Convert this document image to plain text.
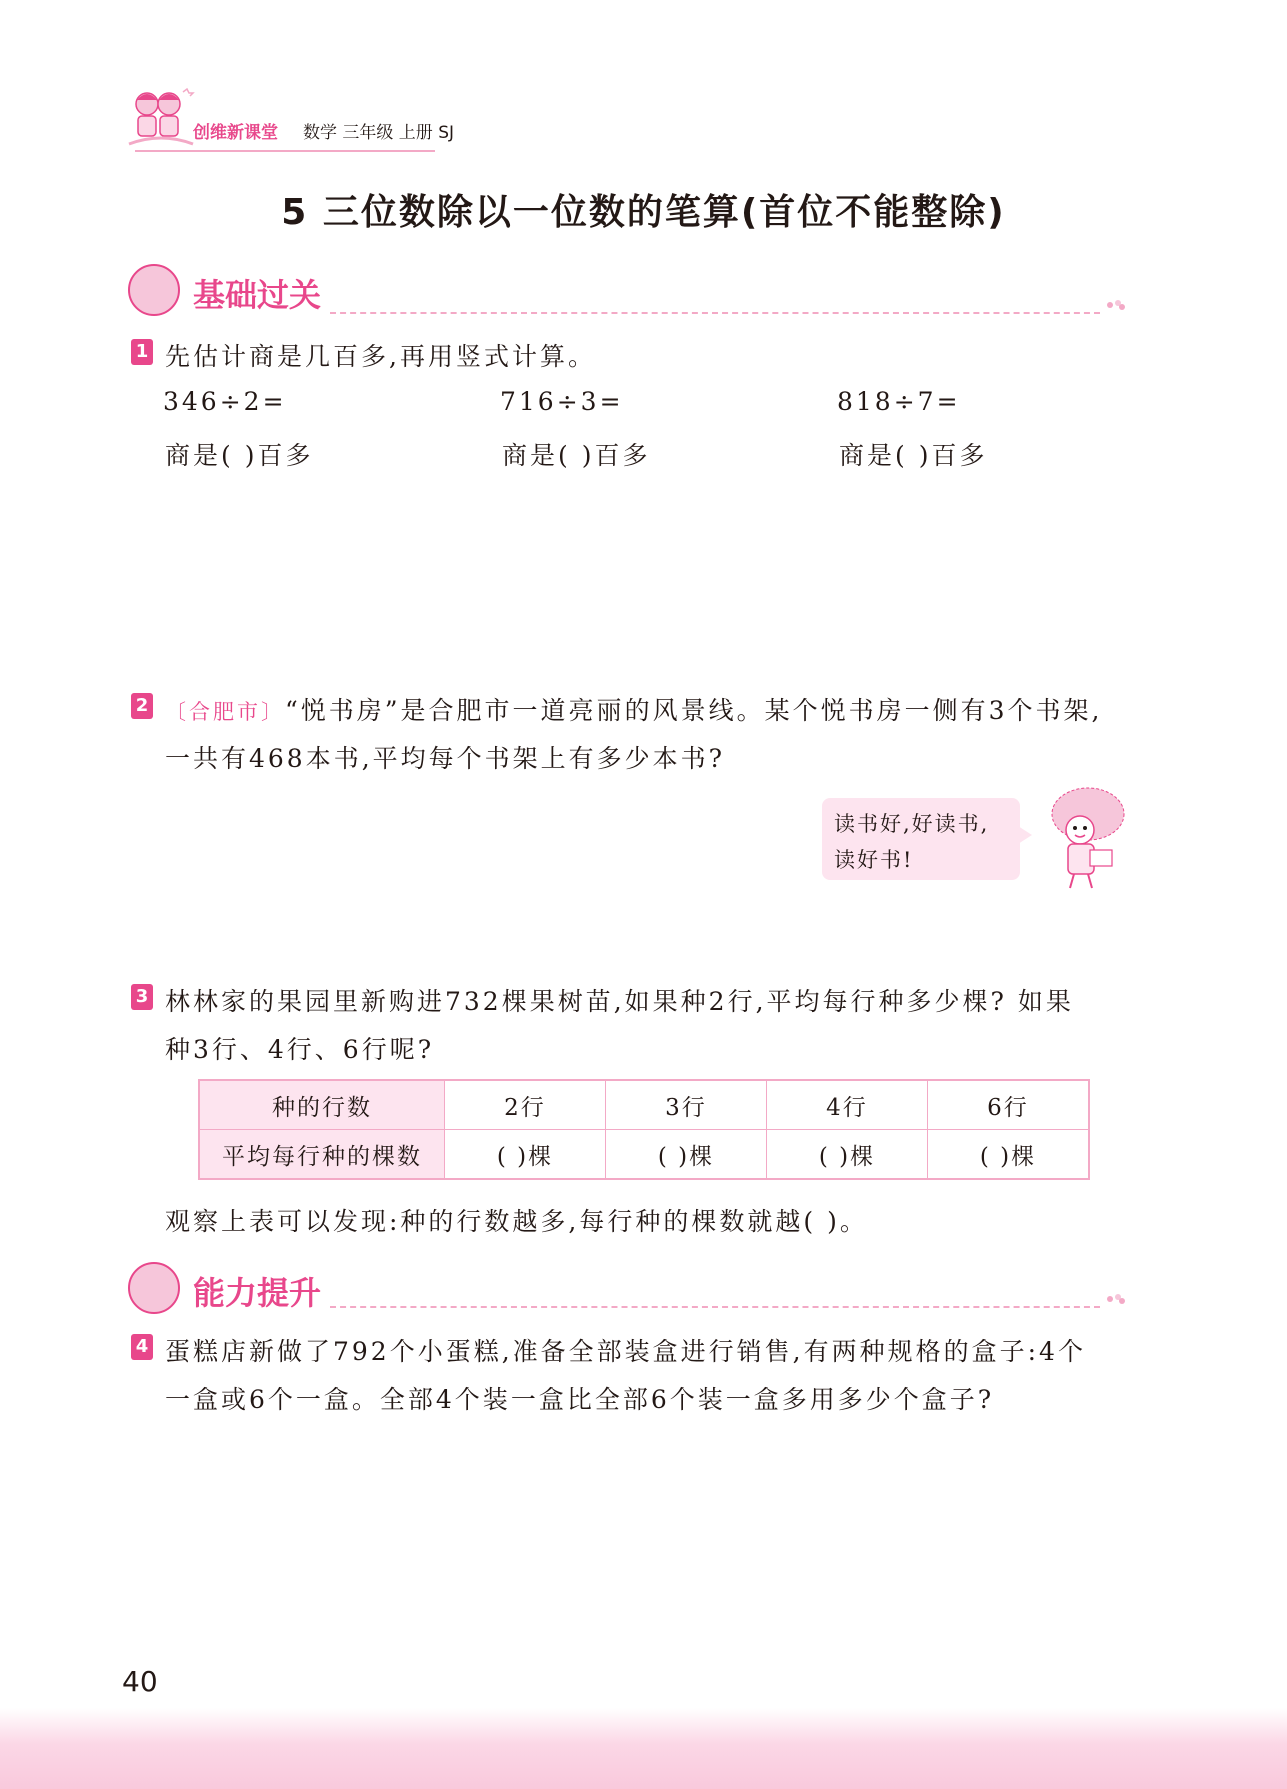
创维新课堂 数学 三年级 上册 SJ
5 三位数除以一位数的笔算(首位不能整除)
基础过关
1 先估计商是几百多,再用竖式计算。
346÷2=	716÷3=	818÷7=
商是( )百多	商是( )百多	商是( )百多
2 〔合肥市〕“悦书房”是合肥市一道亮丽的风景线。某个悦书房一侧有3个书架,
一共有468本书,平均每个书架上有多少本书?
读书好,好读书,
读好书!
3 林林家的果园里新购进732棵果树苗,如果种2行,平均每行种多少棵? 如果
种3行、4行、6行呢?
种的行数	2行	3行	4行	6行
平均每行种的棵数	( )棵	( )棵	( )棵	( )棵
观察上表可以发现:种的行数越多,每行种的棵数就越( )。
能力提升
4 蛋糕店新做了792个小蛋糕,准备全部装盒进行销售,有两种规格的盒子:4个
一盒或6个一盒。全部4个装一盒比全部6个装一盒多用多少个盒子?
40
